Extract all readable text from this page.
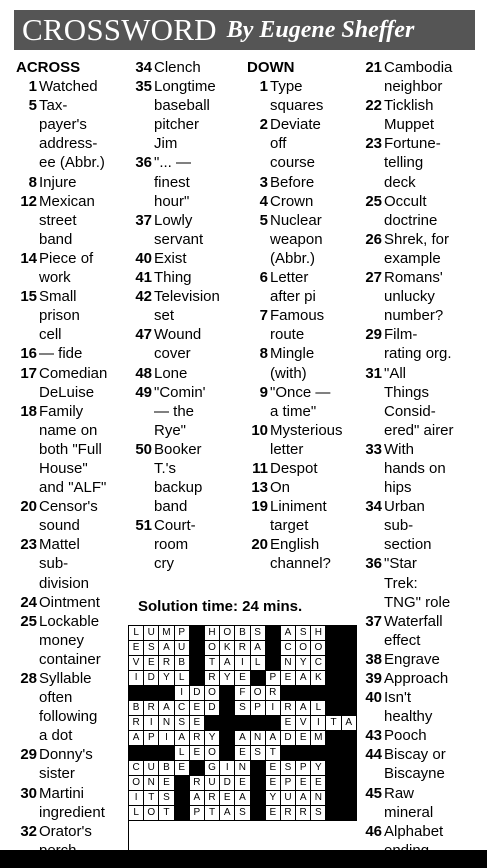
CROSSWORD By Eugene Sheffer
ACROSS
1 Watched
5 Tax-
payer's
address-
ee (Abbr.)
8 Injure
12 Mexican
street
band
14 Piece of
work
15 Small
prison
cell
16 — fide
17 Comedian
DeLuise
18 Family
name on
both "Full
House"
and "ALF"
20 Censor's
sound
23 Mattel
sub-
division
24 Ointment
25 Lockable
money
container
28 Syllable
often
following
a dot
29 Donny's
sister
30 Martini
ingredient
32 Orator's
34 Clench
35 Longtime
baseball
pitcher
Jim
36 "... —
finest
hour"
37 Lowly
servant
40 Exist
41 Thing
42 Television
set
47 Wound
cover
48 Lone
49 "Comin'
— the
Rye"
50 Booker
T.'s
backup
band
51 Court-
room
cry
DOWN
1 Type
squares
2 Deviate
off
course
3 Before
4 Crown
5 Nuclear
weapon
(Abbr.)
6 Letter
after pi
7 Famous
route
8 Mingle
(with)
9 "Once —
a time"
10 Mysterious
letter
11 Despot
13 On
19 Liniment
target
20 English
channel?
21 Cambodia
neighbor
22 Ticklish
Muppet
23 Fortune-
telling
deck
25 Occult
doctrine
26 Shrek, for
example
27 Romans'
unlucky
number?
29 Film-
rating org.
31 "All
Things
Consid-
ered" airer
33 With
hands on
hips
34 Urban
sub-
section
36 "Star
Trek:
TNG" role
37 Waterfall
effect
38 Engrave
39 Approach
40 Isn't
healthy
43 Pooch
44 Biscay or
Biscayne
45 Raw
mineral
46 Alphabet
Solution time: 24 mins.
L U M P	H O B S	A S H
E S A U	O K R A	C O O
V E R B	T A	I	L	N Y C
I	D Y L	R Y E	P E A K
I	D O	F O R
B R A C E D	S P	I	R A L
R	I	N S E	E V	I	T A
A P	I	A R Y	A N A D E M
L E O	E S T
C U B E	G I	N	E S P Y
O N E	R U D E	E P E E
I	T S	A R E A	Y U A N
L O T	P T A S	E R R S
